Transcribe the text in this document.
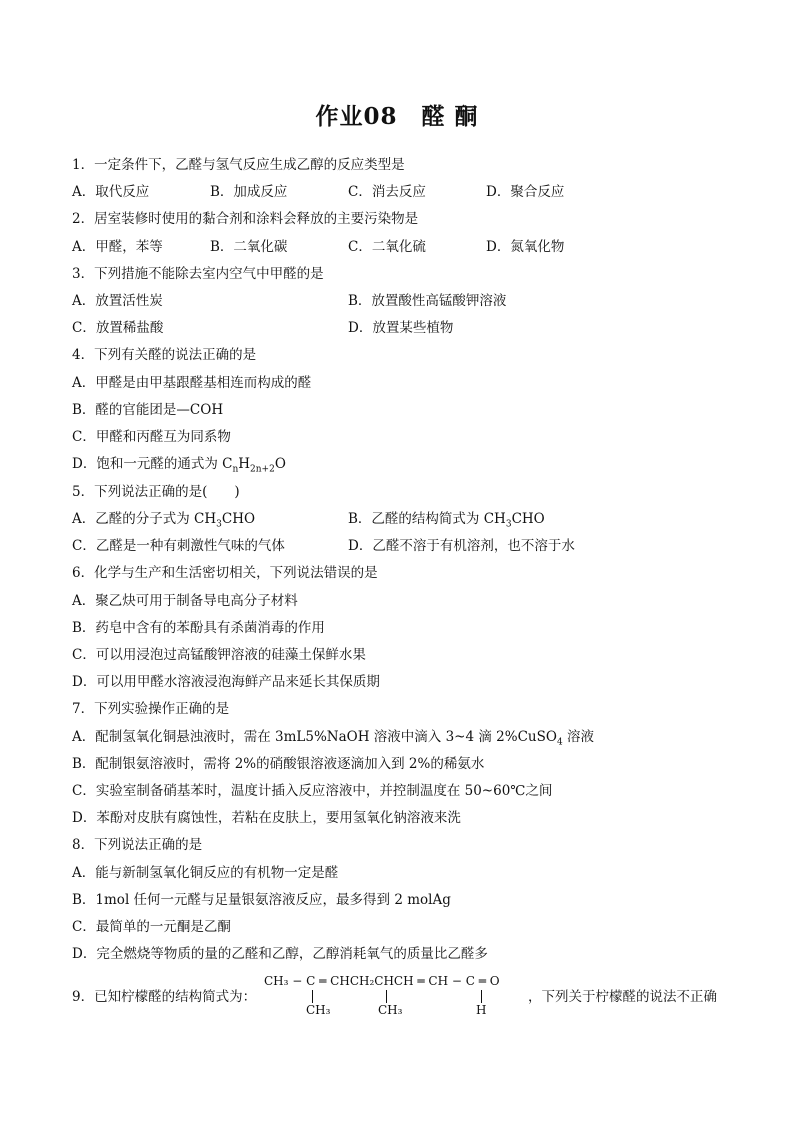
作业08　醛 酮
1．一定条件下，乙醛与氢气反应生成乙醇的反应类型是
A．取代反应	B．加成反应	C．消去反应	D．聚合反应
2．居室装修时使用的黏合剂和涂料会释放的主要污染物是
A．甲醛，苯等	B．二氧化碳	C．二氧化硫	D．氮氧化物
3．下列措施不能除去室内空气中甲醛的是
A．放置活性炭	B．放置酸性高锰酸钾溶液
C．放置稀盐酸	D．放置某些植物
4．下列有关醛的说法正确的是
A．甲醛是由甲基跟醛基相连而构成的醛
B．醛的官能团是—COH
C．甲醛和丙醛互为同系物
D．饱和一元醛的通式为 $C_nH_{2n+2}O$
5．下列说法正确的是(　　)
A．乙醛的分子式为 $CH_3CHO$	B．乙醛的结构简式为 $CH_3CHO$
C．乙醛是一种有刺激性气味的气体	D．乙醛不溶于有机溶剂，也不溶于水
6．化学与生产和生活密切相关，下列说法错误的是
A．聚乙炔可用于制备导电高分子材料
B．药皂中含有的苯酚具有杀菌消毒的作用
C．可以用浸泡过高锰酸钾溶液的硅藻土保鲜水果
D．可以用甲醛水溶液浸泡海鲜产品来延长其保质期
7．下列实验操作正确的是
A．配制氢氧化铜悬浊液时，需在 3mL5%NaOH 溶液中滴入 3~4 滴 2%CuSO$_4$ 溶液
B．配制银氨溶液时，需将 2%的硝酸银溶液逐滴加入到 2%的稀氨水
C．实验室制备硝基苯时，温度计插入反应溶液中，并控制温度在 50~60℃之间
D．苯酚对皮肤有腐蚀性，若粘在皮肤上，要用氢氧化钠溶液来洗
8．下列说法正确的是
A．能与新制氢氧化铜反应的有机物一定是醛
B．1mol 任何一元醛与足量银氨溶液反应，最多得到 2 molAg
C．最简单的一元酮是乙酮
D．完全燃烧等物质的量的乙醛和乙醇，乙醇消耗氧气的质量比乙醛多
9．已知柠檬醛的结构简式为：
CH₃ − C ═ CHCH₂CHCH ═ CH − C ═ O
CH₃	CH₃	H
，下列关于柠檬醛的说法不正确
